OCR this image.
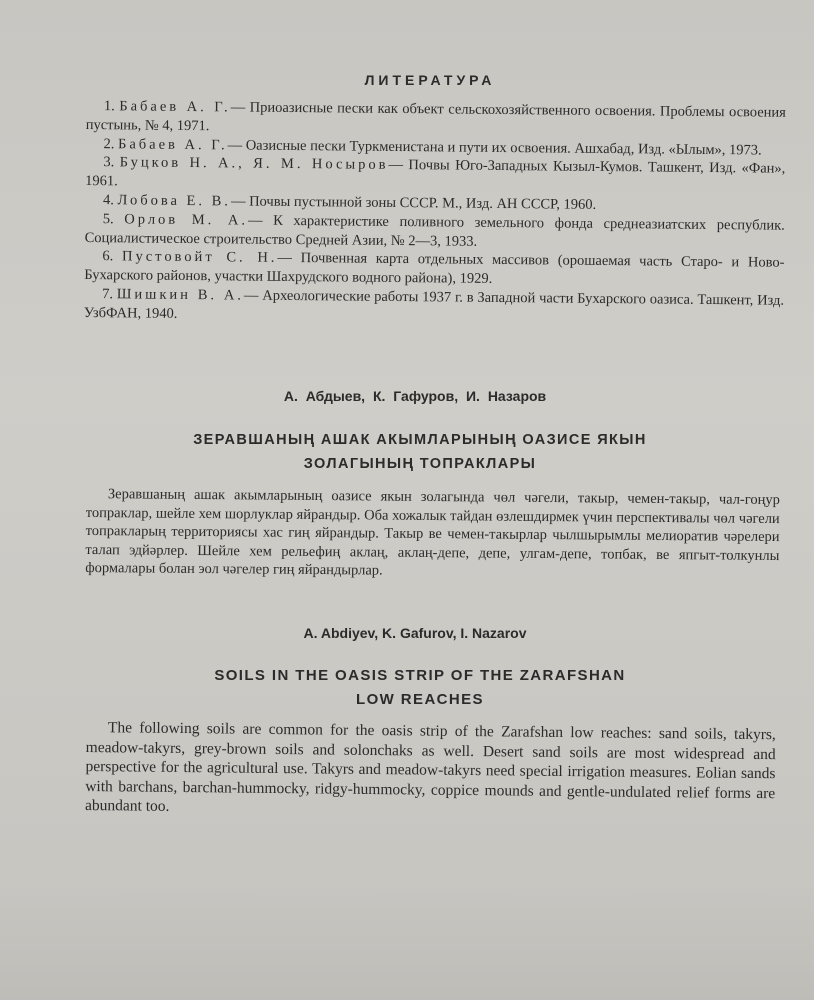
ЛИТЕРАТУРА

1. Бабаев А. Г.— Приоазисные пески как объект сельскохозяйственного освоения. Проблемы освоения пустынь, № 4, 1971.

2. Бабаев А. Г.— Оазисные пески Туркменистана и пути их освоения. Ашхабад, Изд. «Ылым», 1973.

3. Буцков Н. А., Я. М. Носыров— Почвы Юго-Западных Кызыл-Кумов. Ташкент, Изд. «Фан», 1961.

4. Лобова Е. В.— Почвы пустынной зоны СССР. М., Изд. АН СССР, 1960.

5. Орлов М. А.— К характеристике поливного земельного фонда среднеазиатских республик. Социалистическое строительство Средней Азии, № 2—3, 1933.

6. Пустовойт С. Н.— Почвенная карта отдельных массивов (орошаемая часть Старо- и Ново-Бухарского районов, участки Шахрудского водного района), 1929.

7. Шишкин В. А.— Археологические работы 1937 г. в Западной части Бухарского оазиса. Ташкент, Изд. УзбФАН, 1940.

А. Абдыев, К. Гафуров, И. Назаров
ЗЕРАВШАНЫҢ АШАК АКЫМЛАРЫНЫҢ ОАЗИСЕ ЯКЫН
ЗОЛАГЫНЫҢ ТОПРАКЛАРЫ

Зеравшаның ашак акымларының оазисе якын золагында чөл чәгели, такыр, чемен-такыр, чал-гоңур топраклар, шейле хем шорлуклар яйрандыр. Оба хожалык тайдан өзлешдирмек үчин перспективалы чөл чәгели топракларың территориясы хас гиң яйрандыр. Такыр ве чемен-такырлар чылшырымлы мелиоратив чәрелери талап эдйәрлер. Шейле хем рельефиң аклаң, аклаң-депе, депе, улгам-депе, топбак, ве япгыт-толкунлы формалары болан эол чәгелер гиң яйрандырлар.

A. Abdiyev, K. Gafurov, I. Nazarov
SOILS IN THE OASIS STRIP OF THE ZARAFSHAN
LOW REACHES

The following soils are common for the oasis strip of the Zarafshan low reaches: sand soils, takyrs, meadow-takyrs, grey-brown soils and solonchaks as well. Desert sand soils are most widespread and perspective for the agricultural use. Takyrs and meadow-takyrs need special irrigation measures. Eolian sands with barchans, barchan-hummocky, ridgy-hummocky, coppice mounds and gentle-undulated relief forms are abundant too.
